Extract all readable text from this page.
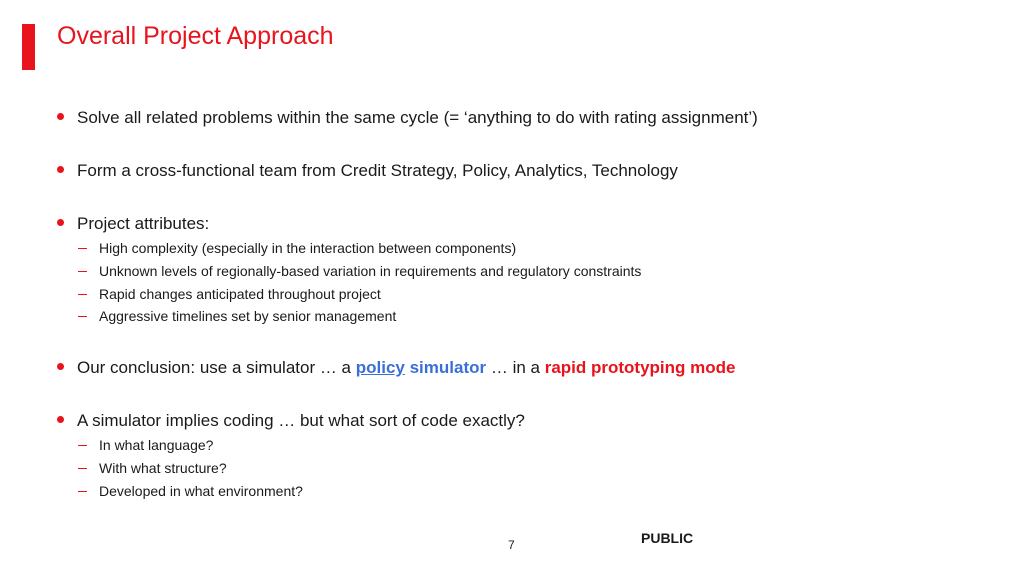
Overall Project Approach
Solve all related problems within the same cycle (= ‘anything to do with rating assignment’)
Form a cross-functional team from Credit Strategy, Policy, Analytics, Technology
Project attributes:
High complexity (especially in the interaction between components)
Unknown levels of regionally-based variation in requirements and regulatory constraints
Rapid changes anticipated throughout project
Aggressive timelines set by senior management
Our conclusion: use a simulator … a policy simulator … in a rapid prototyping mode
A simulator implies coding … but what sort of code exactly?
In what language?
With what structure?
Developed in what environment?
7	PUBLIC
